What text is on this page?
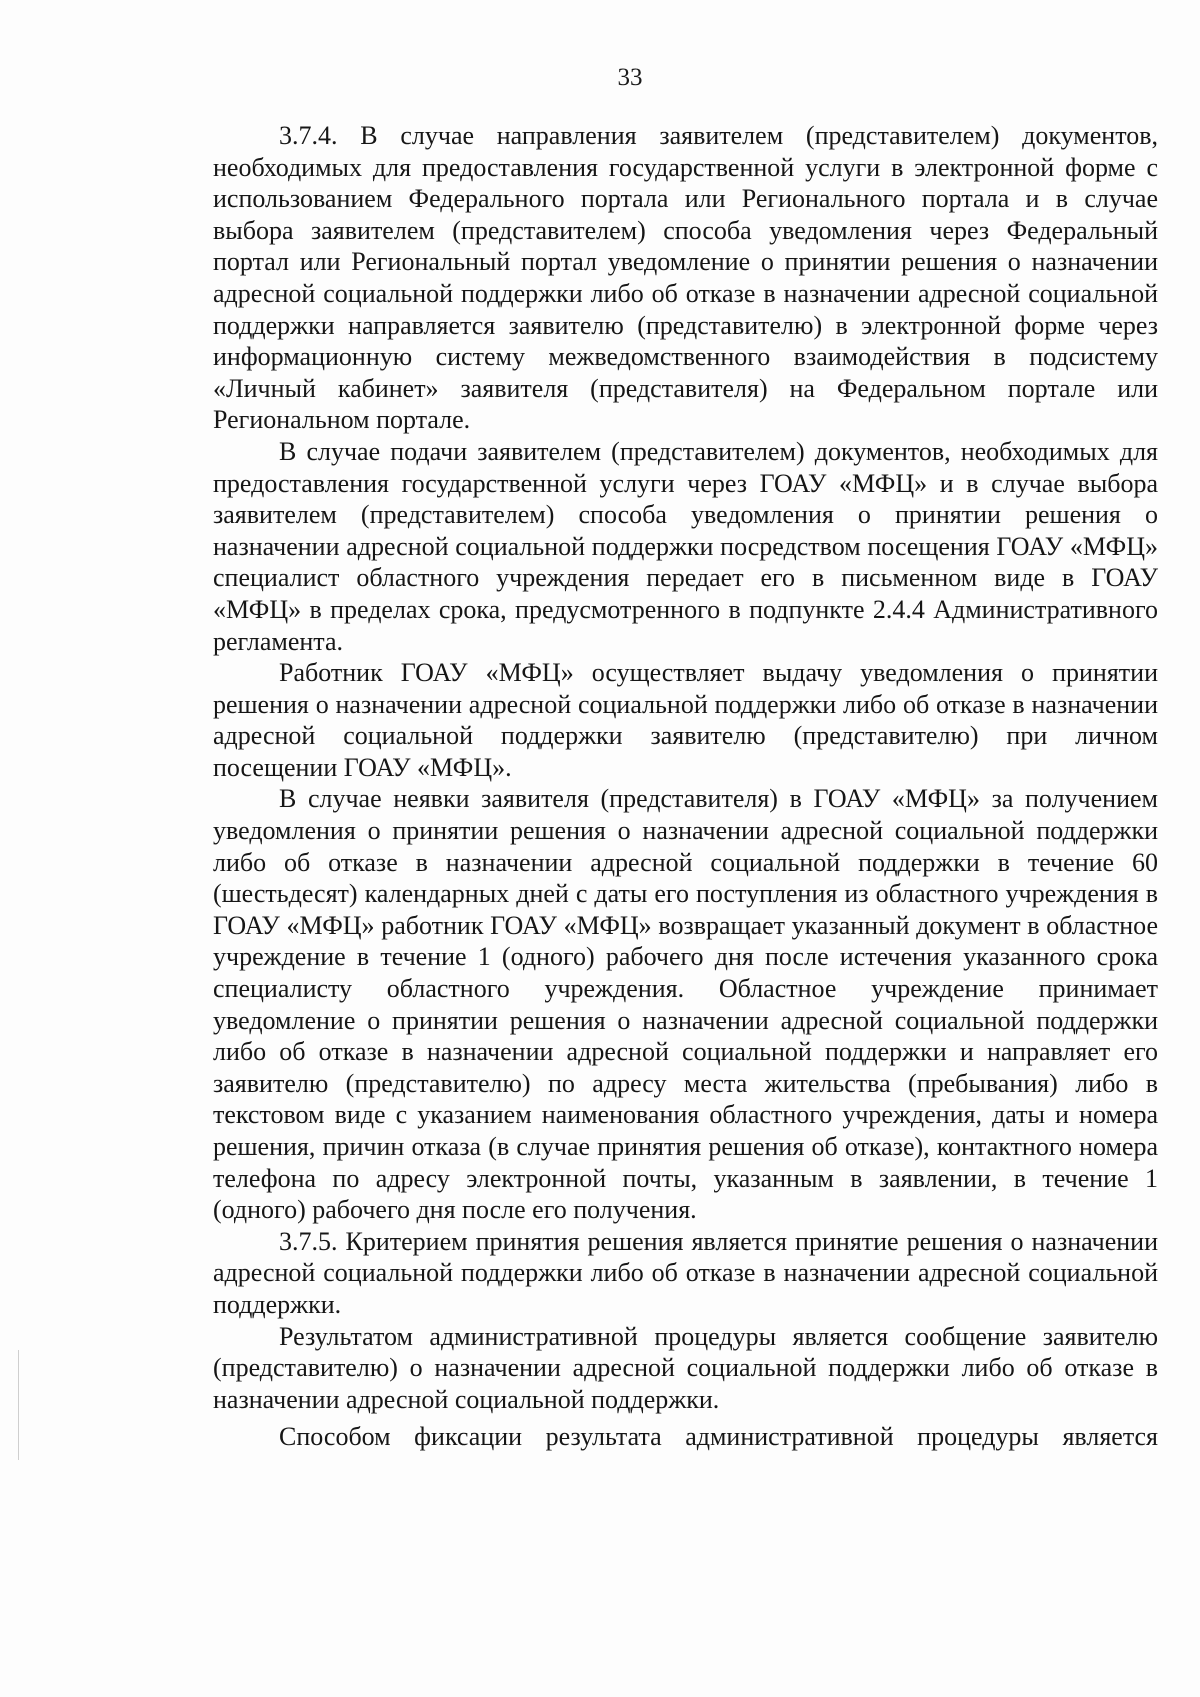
33

3.7.4. В случае направления заявителем (представителем) документов, необходимых для предоставления государственной услуги в электронной форме с использованием Федерального портала или Регионального портала и в случае выбора заявителем (представителем) способа уведомления через Федеральный портал или Региональный портал уведомление о принятии решения о назначении адресной социальной поддержки либо об отказе в назначении адресной социальной поддержки направляется заявителю (представителю) в электронной форме через информационную систему межведомственного взаимодействия в подсистему «Личный кабинет» заявителя (представителя) на Федеральном портале или Региональном портале.

В случае подачи заявителем (представителем) документов, необходимых для предоставления государственной услуги через ГОАУ «МФЦ» и в случае выбора заявителем (представителем) способа уведомления о принятии решения о назначении адресной социальной поддержки посредством посещения ГОАУ «МФЦ» специалист областного учреждения передает его в письменном виде в ГОАУ «МФЦ» в пределах срока, предусмотренного в подпункте 2.4.4 Административного регламента.

Работник ГОАУ «МФЦ» осуществляет выдачу уведомления о принятии решения о назначении адресной социальной поддержки либо об отказе в назначении адресной социальной поддержки заявителю (представителю) при личном посещении ГОАУ «МФЦ».

В случае неявки заявителя (представителя) в ГОАУ «МФЦ» за получением уведомления о принятии решения о назначении адресной социальной поддержки либо об отказе в назначении адресной социальной поддержки в течение 60 (шестьдесят) календарных дней с даты его поступления из областного учреждения в ГОАУ «МФЦ» работник ГОАУ «МФЦ» возвращает указанный документ в областное учреждение в течение 1 (одного) рабочего дня после истечения указанного срока специалисту областного учреждения. Областное учреждение принимает уведомление о принятии решения о назначении адресной социальной поддержки либо об отказе в назначении адресной социальной поддержки и направляет его заявителю (представителю) по адресу места жительства (пребывания) либо в текстовом виде с указанием наименования областного учреждения, даты и номера решения, причин отказа (в случае принятия решения об отказе), контактного номера телефона по адресу электронной почты, указанным в заявлении, в течение 1 (одного) рабочего дня после его получения.

3.7.5. Критерием принятия решения является принятие решения о назначении адресной социальной поддержки либо об отказе в назначении адресной социальной поддержки.

Результатом административной процедуры является сообщение заявителю (представителю) о назначении адресной социальной поддержки либо об отказе в назначении адресной социальной поддержки.

Способом фиксации результата административной процедуры является
